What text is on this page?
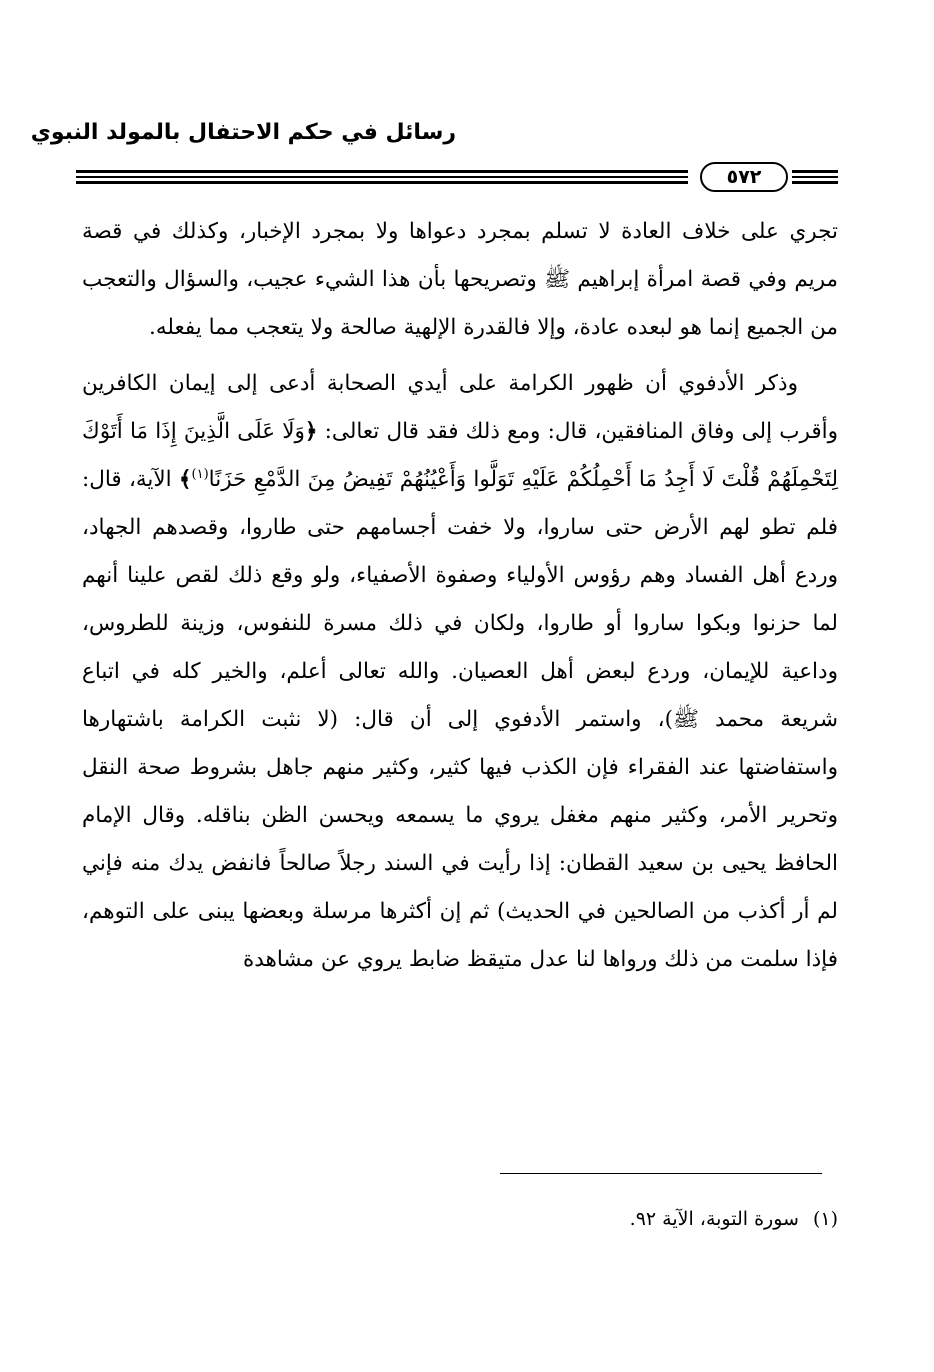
رسائل في حكم الاحتفال بالمولد النبوي
٥٧٢

تجري على خلاف العادة لا تسلم بمجرد دعواها ولا بمجرد الإخبار، وكذلك في قصة مريم وفي قصة امرأة إبراهيم ﷺ وتصريحها بأن هذا الشيء عجيب، والسؤال والتعجب من الجميع إنما هو لبعده عادة، وإلا فالقدرة الإلهية صالحة ولا يتعجب مما يفعله.

وذكر الأدفوي أن ظهور الكرامة على أيدي الصحابة أدعى إلى إيمان الكافرين وأقرب إلى وفاق المنافقين، قال: ومع ذلك فقد قال تعالى: ﴿وَلَا عَلَى الَّذِينَ إِذَا مَا أَتَوْكَ لِتَحْمِلَهُمْ قُلْتَ لَا أَجِدُ مَا أَحْمِلُكُمْ عَلَيْهِ تَوَلَّوا وَأَعْيُنُهُمْ تَفِيضُ مِنَ الدَّمْعِ حَزَنًا$^{(١)}$﴾ الآية، قال: فلم تطو لهم الأرض حتى ساروا، ولا خفت أجسامهم حتى طاروا، وقصدهم الجهاد، وردع أهل الفساد وهم رؤوس الأولياء وصفوة الأصفياء، ولو وقع ذلك لقص علينا أنهم لما حزنوا وبكوا ساروا أو طاروا، ولكان في ذلك مسرة للنفوس، وزينة للطروس، وداعية للإيمان، وردع لبعض أهل العصيان. والله تعالى أعلم، والخير كله في اتباع شريعة محمد ﷺ)، واستمر الأدفوي إلى أن قال: (لا نثبت الكرامة باشتهارها واستفاضتها عند الفقراء فإن الكذب فيها كثير، وكثير منهم جاهل بشروط صحة النقل وتحرير الأمر، وكثير منهم مغفل يروي ما يسمعه ويحسن الظن بناقله. وقال الإمام الحافظ يحيى بن سعيد القطان: إذا رأيت في السند رجلاً صالحاً فانفض يدك منه فإني لم أر أكذب من الصالحين في الحديث) ثم إن أكثرها مرسلة وبعضها يبنى على التوهم، فإذا سلمت من ذلك ورواها لنا عدل متيقظ ضابط يروي عن مشاهدة

(١)سورة التوبة، الآية ٩٢.
